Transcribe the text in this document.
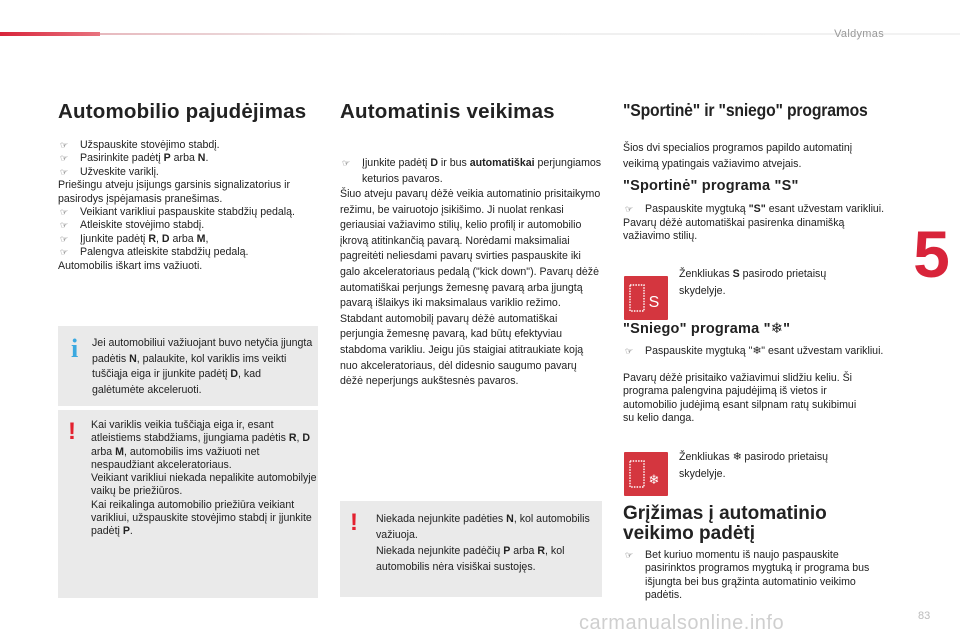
Valdymas
5
Automobilio pajudėjimas
☞ Užspauskite stovėjimo stabdį.
☞ Pasirinkite padėtį P arba N.
☞ Užveskite variklį.

Priešingu atveju įsijungs garsinis signalizatorius ir pasirodys įspėjamasis pranešimas.

☞ Veikiant varikliui paspauskite stabdžių pedalą.
☞ Atleiskite stovėjimo stabdį.
☞ Įjunkite padėtį R, D arba M,
☞ Palengva atleiskite stabdžių pedalą.

Automobilis iškart ims važiuoti.

i Jei automobiliui važiuojant buvo netyčia įjungta padėtis N, palaukite, kol variklis ims veikti tuščiąja eiga ir įjunkite padėtį D, kad galėtumėte akceleruoti.
! Kai variklis veikia tuščiąja eiga ir, esant atleistiems stabdžiams, įjungiama padėtis R, D arba M, automobilis ims važiuoti net nespaudžiant akceleratoriaus.
Veikiant varikliui niekada nepalikite automobilyje vaikų be priežiūros.
Kai reikalinga automobilio priežiūra veikiant varikliui, užspauskite stovėjimo stabdį ir įjunkite padėtį P.
Automatinis veikimas
☞ Įjunkite padėtį D ir bus automatiškai perjungiamos keturios pavaros.

Šiuo atveju pavarų dėžė veikia automatinio prisitaikymo režimu, be vairuotojo įsikišimo. Ji nuolat renkasi geriausiai važiavimo stilių, kelio profilį ir automobilio įkrovą atitinkančią pavarą. Norėdami maksimaliai pagreitėti neliesdami pavarų svirties paspauskite iki galo akceleratoriaus pedalą ("kick down"). Pavarų dėžė automatiškai perjungs žemesnę pavarą arba įjungtą pavarą išlaikys iki maksimalaus variklio režimo. Stabdant automobilį pavarų dėžė automatiškai perjungia žemesnę pavarą, kad būtų efektyviau stabdoma varikliu. Jeigu jūs staigiai atitraukiate koją nuo akceleratoriaus, dėl didesnio saugumo pavarų dėžė neperjungs aukštesnės pavaros.

! Niekada nejunkite padėties N, kol automobilis važiuoja.
Niekada nejunkite padėčių P arba R, kol automobilis nėra visiškai sustojęs.
"Sportinė" ir "sniego" programos

Šios dvi specialios programos papildo automatinį veikimą ypatingais važiavimo atvejais.

"Sportinė" programa "S"
☞ Paspauskite mygtuką "S" esant užvestam varikliui.

Pavarų dėžė automatiškai pasirenka dinamišką važiavimo stilių.

S
Ženkliukas S pasirodo prietaisų skydelyje.
"Sniego" programa "❄"
☞ Paspauskite mygtuką "❄" esant užvestam varikliui.

Pavarų dėžė prisitaiko važiavimui slidžiu keliu. Ši programa palengvina pajudėjimą iš vietos ir automobilio judėjimą esant silpnam ratų sukibimui su kelio danga.

❄
Ženkliukas ❄ pasirodo prietaisų skydelyje.
Grįžimas į automatinio
veikimo padėtį
☞ Bet kuriuo momentu iš naujo paspauskite pasirinktos programos mygtuką ir programa bus išjungta bei bus grąžinta automatinio veikimo padėtis.
carmanualsonline.info	83
